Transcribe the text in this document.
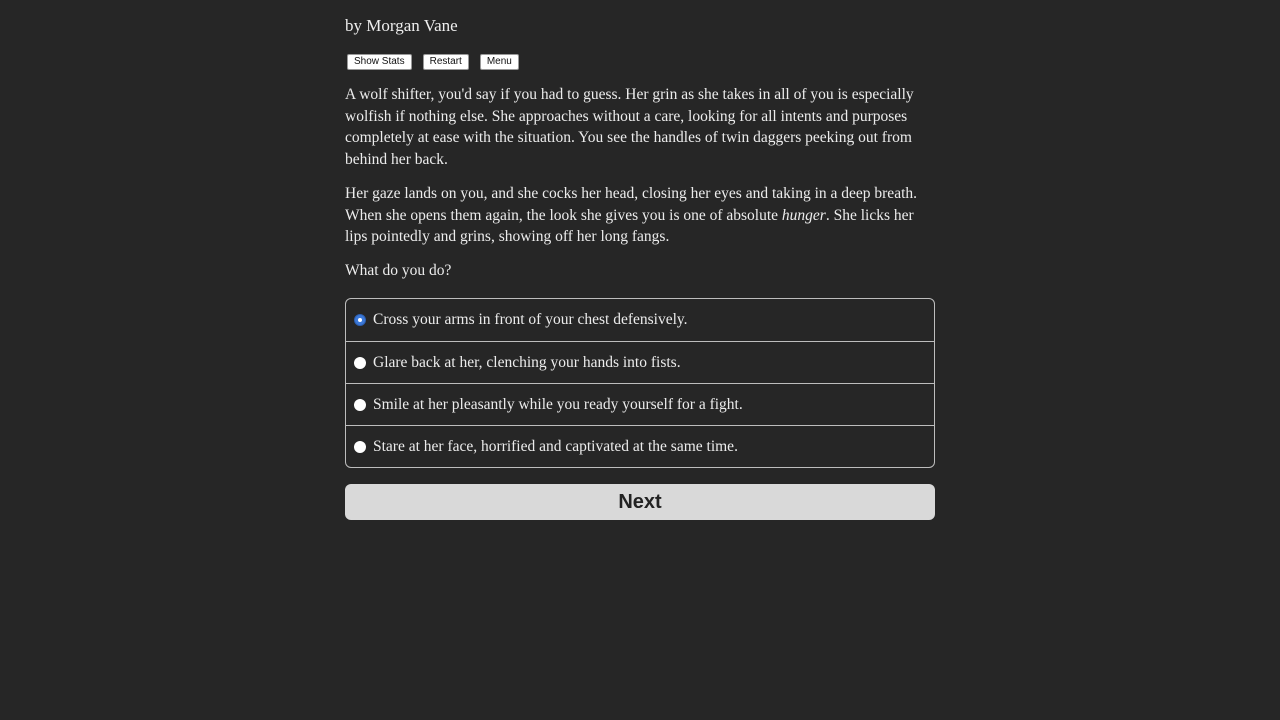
by Morgan Vane
Show Stats	Restart	Menu

A wolf shifter, you'd say if you had to guess. Her grin as she takes in all of you is especially wolfish if nothing else. She approaches without a care, looking for all intents and purposes completely at ease with the situation. You see the handles of twin daggers peeking out from behind her back.

Her gaze lands on you, and she cocks her head, closing her eyes and taking in a deep breath. When she opens them again, the look she gives you is one of absolute hunger. She licks her lips pointedly and grins, showing off her long fangs.

What do you do?
Cross your arms in front of your chest defensively.
Glare back at her, clenching your hands into fists.
Smile at her pleasantly while you ready yourself for a fight.
Stare at her face, horrified and captivated at the same time.
Next
